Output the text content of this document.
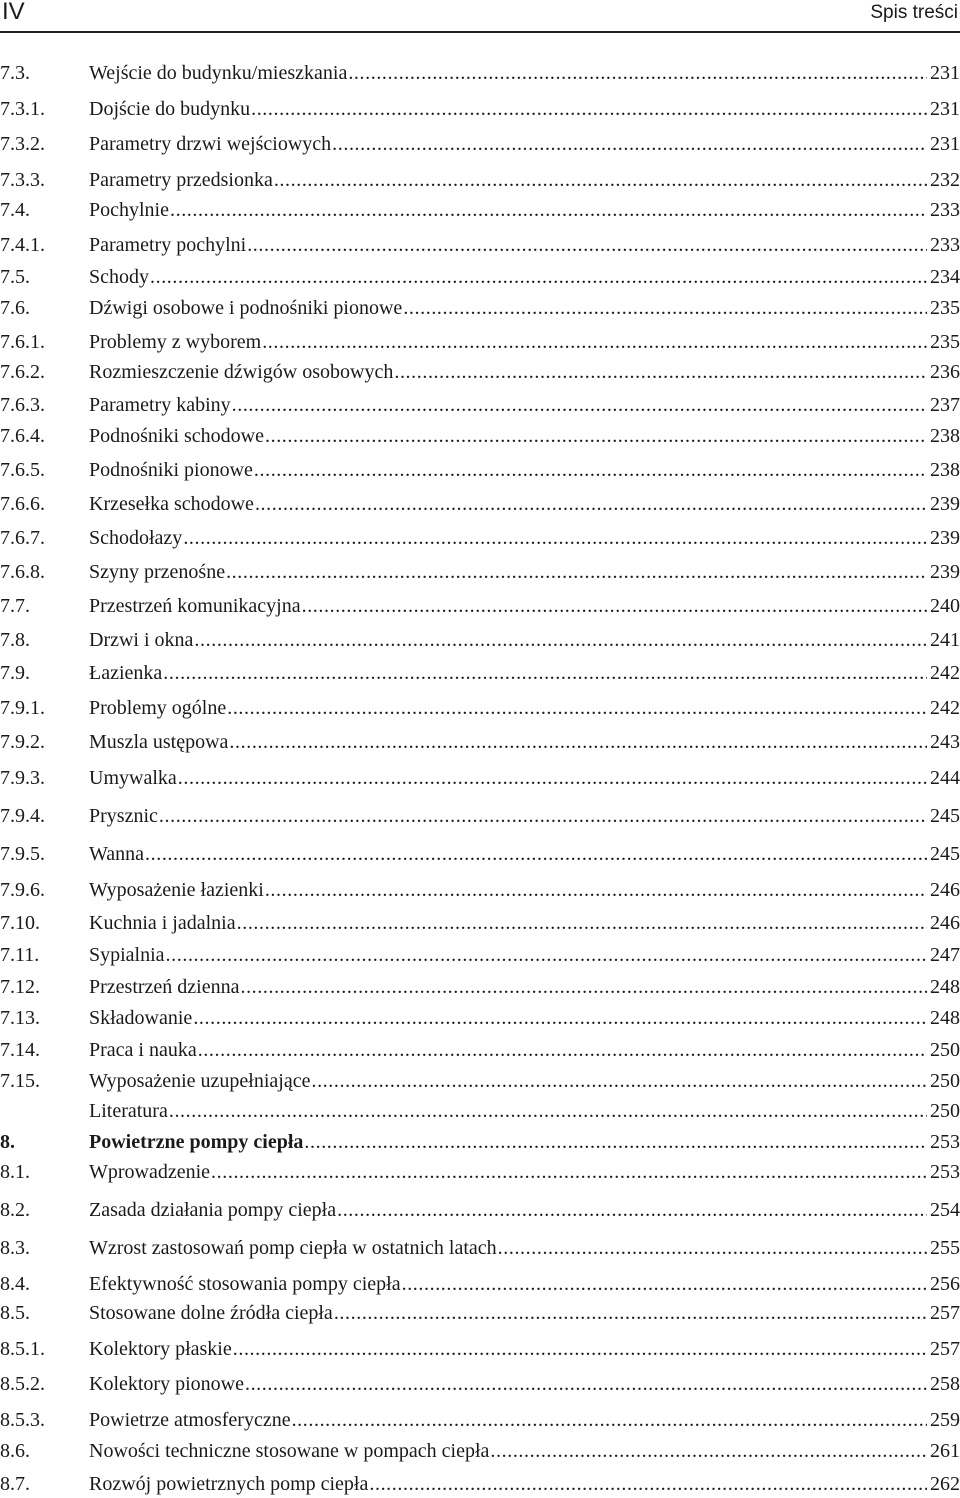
IV	Spis treści
7.3.	Wejście do budynku/mieszkania . . .	231
7.3.1.	Dojście do budynku . . .	231
7.3.2.	Parametry drzwi wejściowych . . .	231
7.3.3.	Parametry przedsionka . . .	232
7.4.	Pochylnie . . .	233
7.4.1.	Parametry pochylni . . .	233
7.5.	Schody . . .	234
7.6.	Dźwigi osobowe i podnośniki pionowe . . .	235
7.6.1.	Problemy z wyborem . . .	235
7.6.2.	Rozmieszczenie dźwigów osobowych . . .	236
7.6.3.	Parametry kabiny . . .	237
7.6.4.	Podnośniki schodowe . . .	238
7.6.5.	Podnośniki pionowe . . .	238
7.6.6.	Krzesełka schodowe . . .	239
7.6.7.	Schodołazy . . .	239
7.6.8.	Szyny przenośne . . .	239
7.7.	Przestrzeń komunikacyjna . . .	240
7.8.	Drzwi i okna . . .	241
7.9.	Łazienka . . .	242
7.9.1.	Problemy ogólne . . .	242
7.9.2.	Muszla ustępowa . . .	243
7.9.3.	Umywalka . . .	244
7.9.4.	Prysznic . . .	245
7.9.5.	Wanna . . .	245
7.9.6.	Wyposażenie łazienki . . .	246
7.10.	Kuchnia i jadalnia . . .	246
7.11.	Sypialnia . . .	247
7.12.	Przestrzeń dzienna . . .	248
7.13.	Składowanie . . .	248
7.14.	Praca i nauka . . .	250
7.15.	Wyposażenie uzupełniające . . .	250
Literatura . . .	250
8.	Powietrzne pompy ciepła . . .	253
8.1.	Wprowadzenie . . .	253
8.2.	Zasada działania pompy ciepła . . .	254
8.3.	Wzrost zastosowań pomp ciepła w ostatnich latach . . .	255
8.4.	Efektywność stosowania pompy ciepła . . .	256
8.5.	Stosowane dolne źródła ciepła . . .	257
8.5.1.	Kolektory płaskie . . .	257
8.5.2.	Kolektory pionowe . . .	258
8.5.3.	Powietrze atmosferyczne . . .	259
8.6.	Nowości techniczne stosowane w pompach ciepła . . .	261
8.7.	Rozwój powietrznych pomp ciepła . . .	262
